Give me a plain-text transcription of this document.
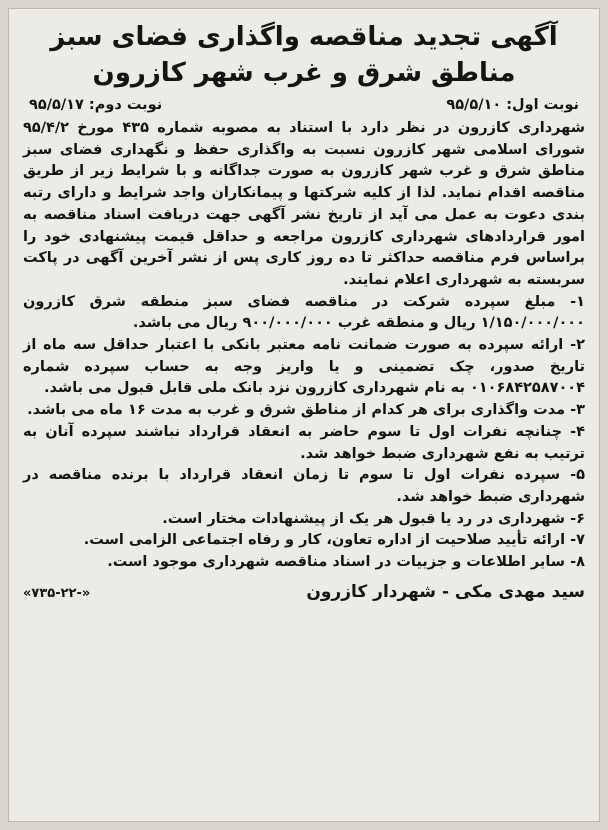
آگهی تجدید مناقصه واگذاری فضای سبز مناطق شرق و غرب شهر کازرون
نوبت اول: ۹۵/۵/۱۰
نوبت دوم: ۹۵/۵/۱۷

شهرداری کازرون در نظر دارد با استناد به مصوبه شماره ۴۳۵ مورخ ۹۵/۴/۲ شورای اسلامی شهر کازرون نسبت به واگذاری حفظ و نگهداری فضای سبز مناطق شرق و غرب شهر کازرون به صورت جداگانه و با شرایط زیر از طریق مناقصه اقدام نماید. لذا از کلیه شرکتها و پیمانکاران واجد شرایط و دارای رتبه بندی دعوت به عمل می آید از تاریخ نشر آگهی جهت دریافت اسناد مناقصه به امور قراردادهای شهرداری کازرون مراجعه و حداقل قیمت پیشنهادی خود را براساس فرم مناقصه حداکثر تا ده روز کاری پس از نشر آخرین آگهی در پاکت سربسته به شهرداری اعلام نمایند.

۱- مبلغ سپرده شرکت در مناقصه فضای سبز منطقه شرق کازرون ۱/۱۵۰/۰۰۰/۰۰۰ ریال و منطقه غرب ۹۰۰/۰۰۰/۰۰۰ ریال می باشد.
۲- ارائه سپرده به صورت ضمانت نامه معتبر بانکی با اعتبار حداقل سه ماه از تاریخ صدور، چک تضمینی و یا واریز وجه به حساب سپرده شماره ۰۱۰۶۸۴۲۵۸۷۰۰۴ به نام شهرداری کازرون نزد بانک ملی قابل قبول می باشد.
۳- مدت واگذاری برای هر کدام از مناطق شرق و غرب به مدت ۱۶ ماه می باشد.
۴- چنانچه نفرات اول تا سوم حاضر به انعقاد قرارداد نباشند سپرده آنان به ترتیب به نفع شهرداری ضبط خواهد شد.
۵- سپرده نفرات اول تا سوم تا زمان انعقاد قرارداد با برنده مناقصه در شهرداری ضبط خواهد شد.
۶- شهرداری در رد یا قبول هر یک از پیشنهادات مختار است.
۷- ارائه تأیید صلاحیت از اداره تعاون، کار و رفاه اجتماعی الزامی است.
۸- سایر اطلاعات و جزییات در اسناد مناقصه شهرداری موجود است.
سید مهدی مکی - شهردار کازرون
«۷۳۵-۲۲-»
